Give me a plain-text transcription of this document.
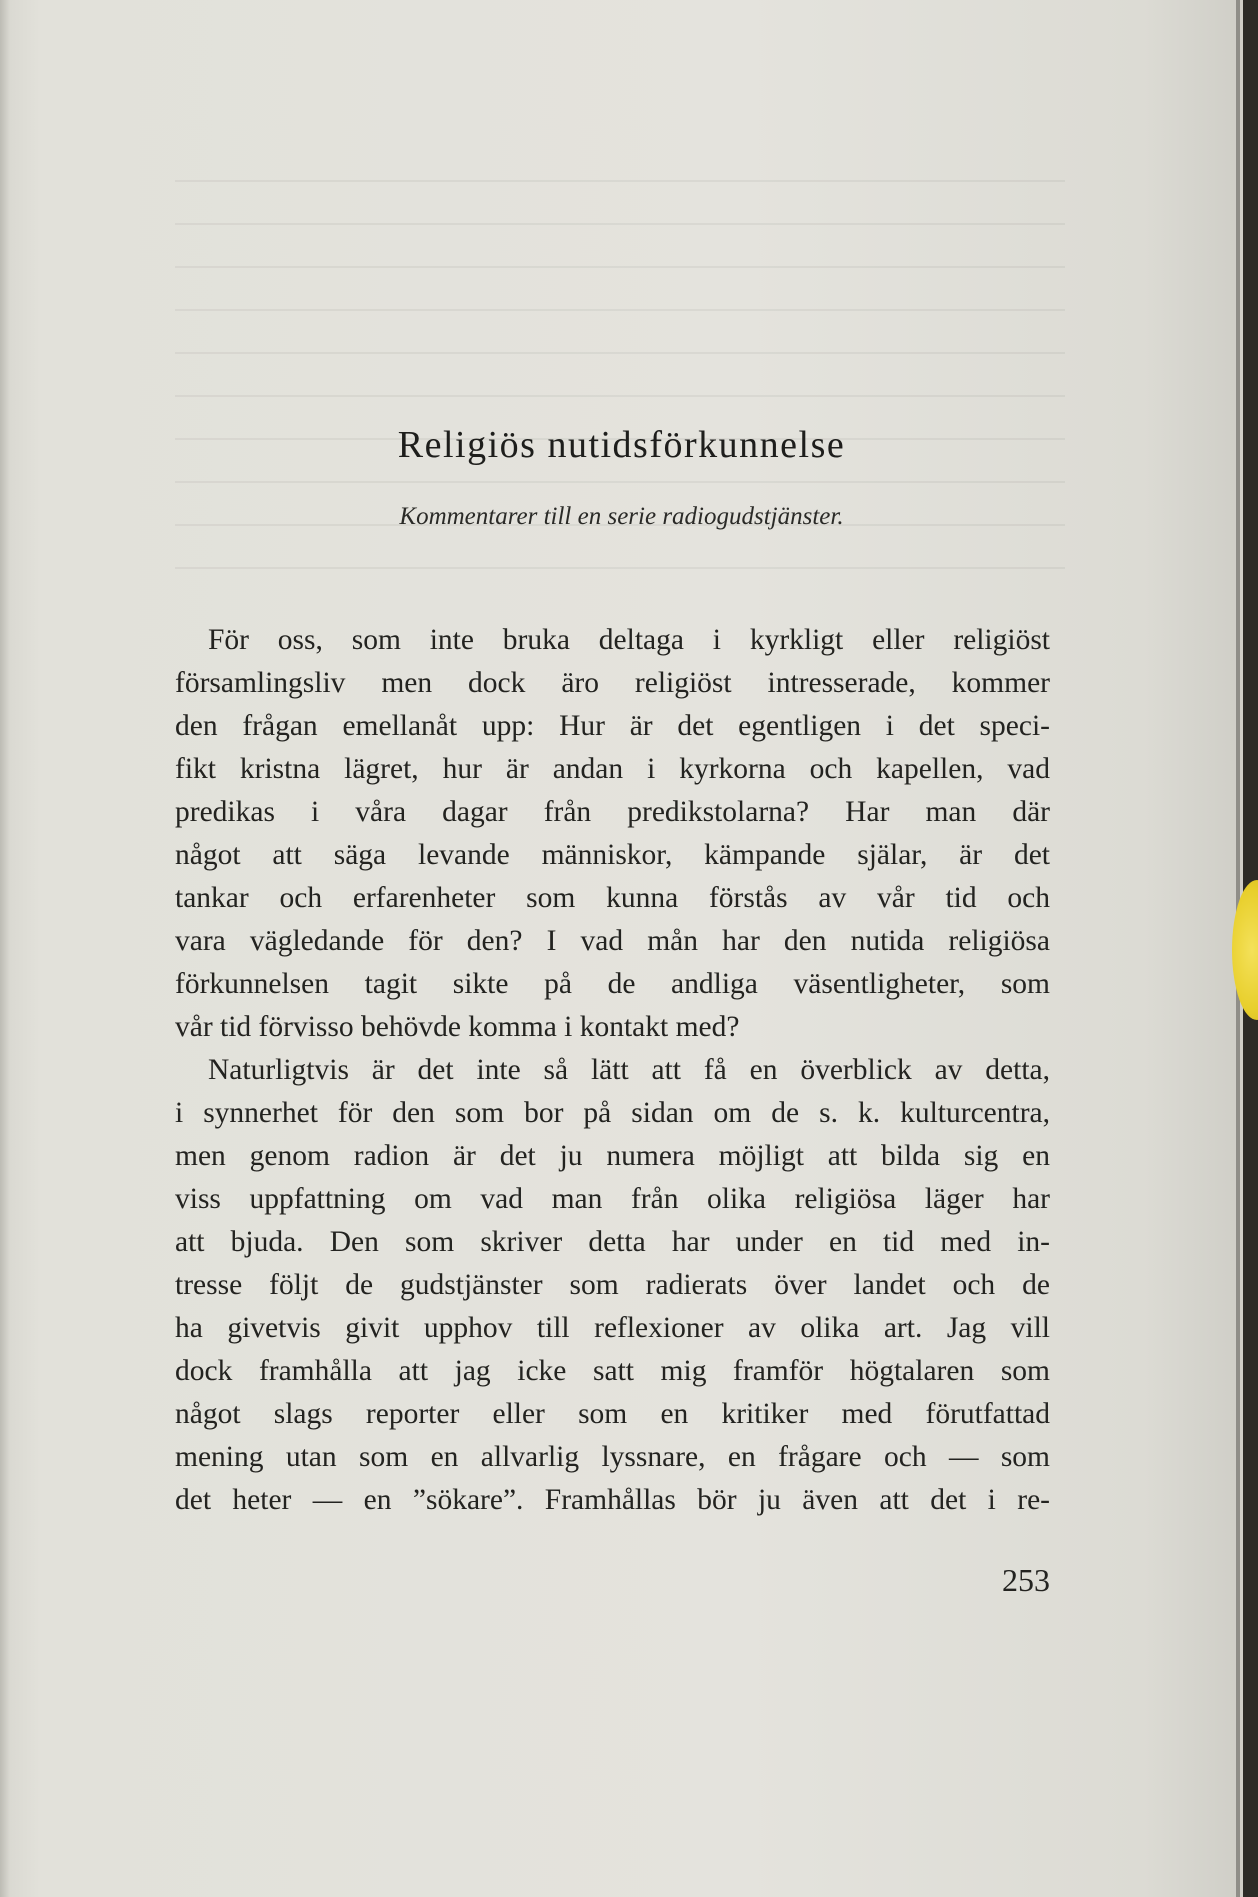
Religiös nutidsförkunnelse

Kommentarer till en serie radiogudstjänster.

För oss, som inte bruka deltaga i kyrkligt eller religiöst
församlingsliv men dock äro religiöst intresserade, kommer
den frågan emellanåt upp: Hur är det egentligen i det speci-
fikt kristna lägret, hur är andan i kyrkorna och kapellen, vad
predikas i våra dagar från predikstolarna? Har man där
något att säga levande människor, kämpande själar, är det
tankar och erfarenheter som kunna förstås av vår tid och
vara vägledande för den? I vad mån har den nutida religiösa
förkunnelsen tagit sikte på de andliga väsentligheter, som
vår tid förvisso behövde komma i kontakt med?
Naturligtvis är det inte så lätt att få en överblick av detta,
i synnerhet för den som bor på sidan om de s. k. kulturcentra,
men genom radion är det ju numera möjligt att bilda sig en
viss uppfattning om vad man från olika religiösa läger har
att bjuda. Den som skriver detta har under en tid med in-
tresse följt de gudstjänster som radierats över landet och de
ha givetvis givit upphov till reflexioner av olika art. Jag vill
dock framhålla att jag icke satt mig framför högtalaren som
något slags reporter eller som en kritiker med förutfattad
mening utan som en allvarlig lyssnare, en frågare och — som
det heter — en ”sökare”. Framhållas bör ju även att det i re-
253
